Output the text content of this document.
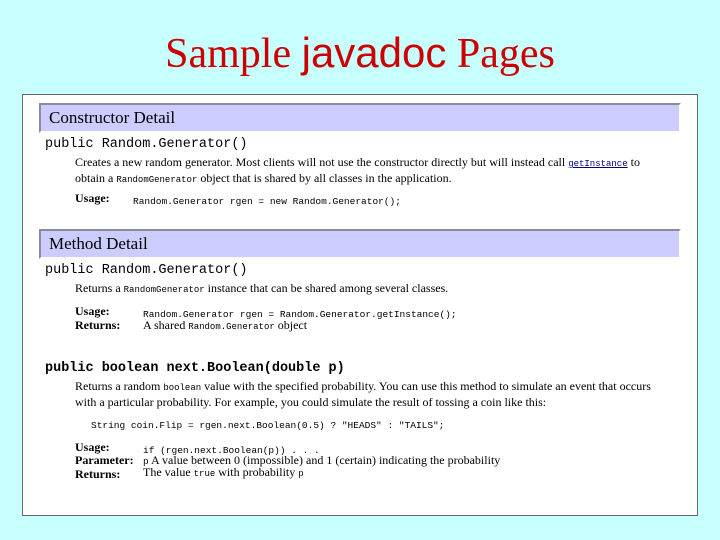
Sample javadoc Pages
Constructor Detail
public Random.Generator()
Creates a new random generator. Most clients will not use the constructor directly but will instead call getInstance to
obtain a RandomGenerator object that is shared by all classes in the application.
Usage: Random.Generator rgen = new Random.Generator();
Method Detail
public Random.Generator()
Returns a RandomGenerator instance that can be shared among several classes.
Usage:	Random.Generator rgen = Random.Generator.getInstance();
Returns: A shared Random.Generator object
public boolean next.Boolean(double p)
Returns a random boolean value with the specified probability. You can use this method to simulate an event that occurs
with a particular probability. For example, you could simulate the result of tossing a coin like this:
String coin.Flip = rgen.next.Boolean(0.5) ? "HEADS" : "TAILS";
Usage:	if (rgen.next.Boolean(p)) . . .
Parameter: p A value between 0 (impossible) and 1 (certain) indicating the probability
Returns: The value true with probability p
